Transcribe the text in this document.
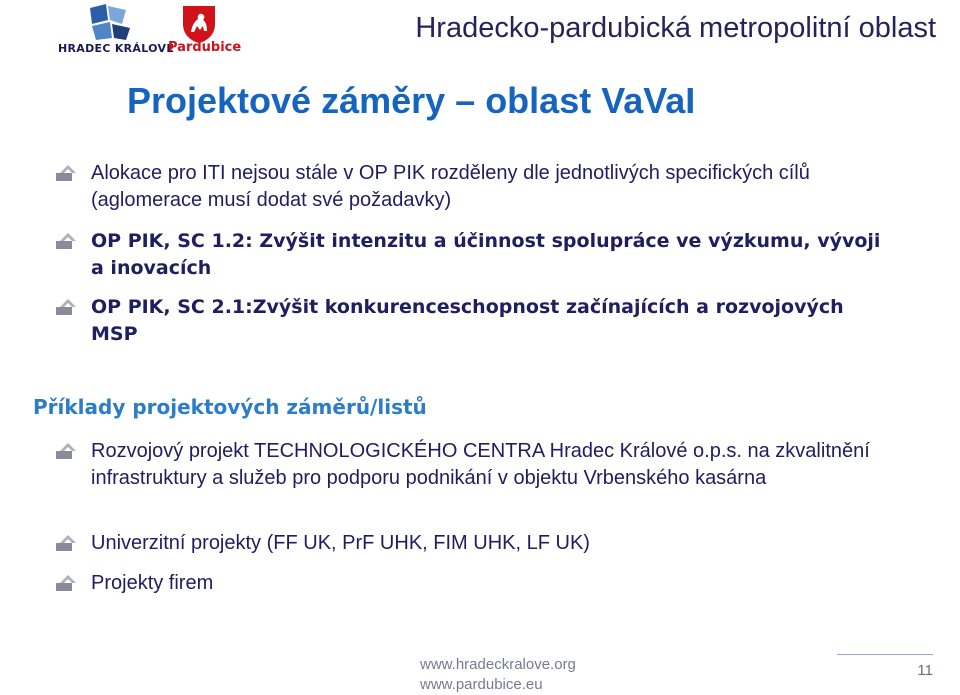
HRADEC KRÁLOVÉ
Pardubice
Hradecko-pardubická metropolitní oblast
Projektové záměry – oblast VaVaI
Alokace pro ITI nejsou stále v OP PIK rozděleny dle jednotlivých specifických cílů (aglomerace musí dodat své požadavky)
OP PIK, SC 1.2: Zvýšit intenzitu a účinnost spolupráce ve výzkumu, vývoji a inovacích
OP PIK, SC 2.1:Zvýšit konkurenceschopnost začínajících a rozvojových MSP
Příklady projektových záměrů/listů
Rozvojový projekt TECHNOLOGICKÉHO CENTRA Hradec Králové o.p.s. na zkvalitnění infrastruktury a služeb pro podporu podnikání v objektu Vrbenského kasárna
Univerzitní projekty (FF UK, PrF UHK, FIM UHK, LF UK)
Projekty firem
www.hradeckralove.org
www.pardubice.eu
11
